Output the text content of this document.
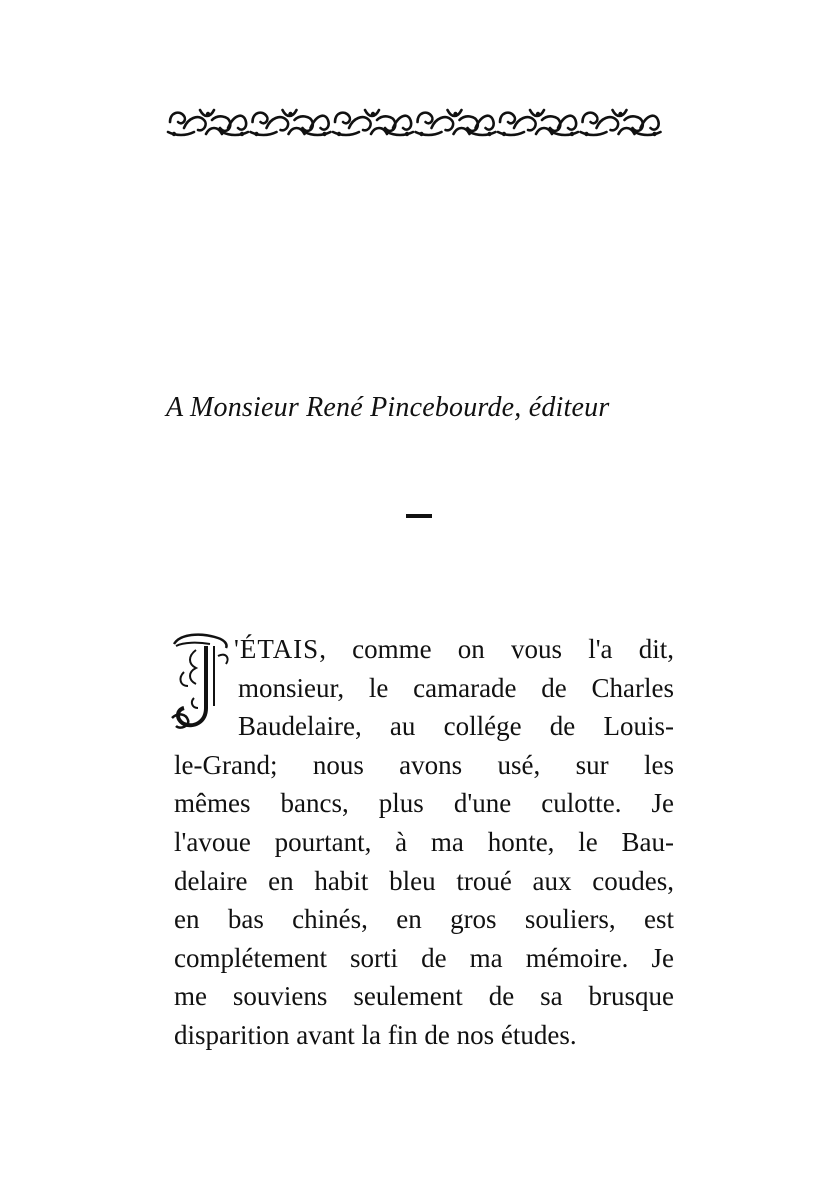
A Monsieur René Pincebourde, éditeur
'ÉTAIS, comme on vous l'a dit,
monsieur, le camarade de Charles
Baudelaire, au collége de Louis-
le-Grand; nous avons usé, sur les
mêmes bancs, plus d'une culotte. Je
l'avoue pourtant, à ma honte, le Bau-
delaire en habit bleu troué aux coudes,
en bas chinés, en gros souliers, est
complétement sorti de ma mémoire. Je
me souviens seulement de sa brusque
disparition avant la fin de nos études.
